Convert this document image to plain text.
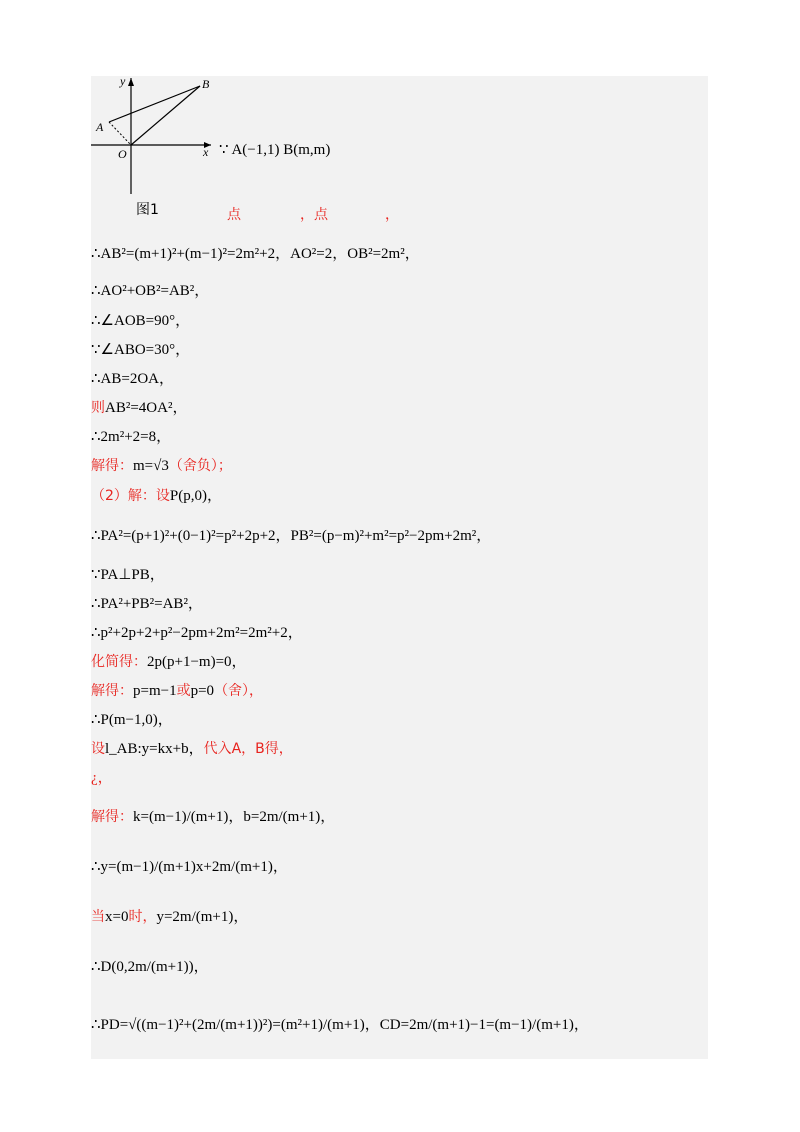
y	B
A
O	x ∵ A(−1,1) B(m,m)
图1	点	，点	，
∴AB²=(m+1)²+(m−1)²=2m²+2，AO²=2，OB²=2m²，
∴AO²+OB²=AB²，
∴∠AOB=90°，
∵∠ABO=30°，
∴AB=2OA，
则AB²=4OA²，
∴2m²+2=8，
解得：m=√3（舍负）；
（2）解：设P(p,0)，
∴PA²=(p+1)²+(0−1)²=p²+2p+2，PB²=(p−m)²+m²=p²−2pm+2m²，
∵PA⊥PB，
∴PA²+PB²=AB²，
∴p²+2p+2+p²−2pm+2m²=2m²+2，
化简得：2p(p+1−m)=0，
解得：p=m−1或p=0（舍），
∴P(m−1,0)，
设l_AB:y=kx+b，代入A，B得，
¿，
解得：k=(m−1)/(m+1)，b=2m/(m+1)，
∴y=(m−1)/(m+1)x+2m/(m+1)，
当x=0时，y=2m/(m+1)，
∴D(0,2m/(m+1))，
∴PD=√((m−1)²+(2m/(m+1))²)=(m²+1)/(m+1)，CD=2m/(m+1)−1=(m−1)/(m+1)，
